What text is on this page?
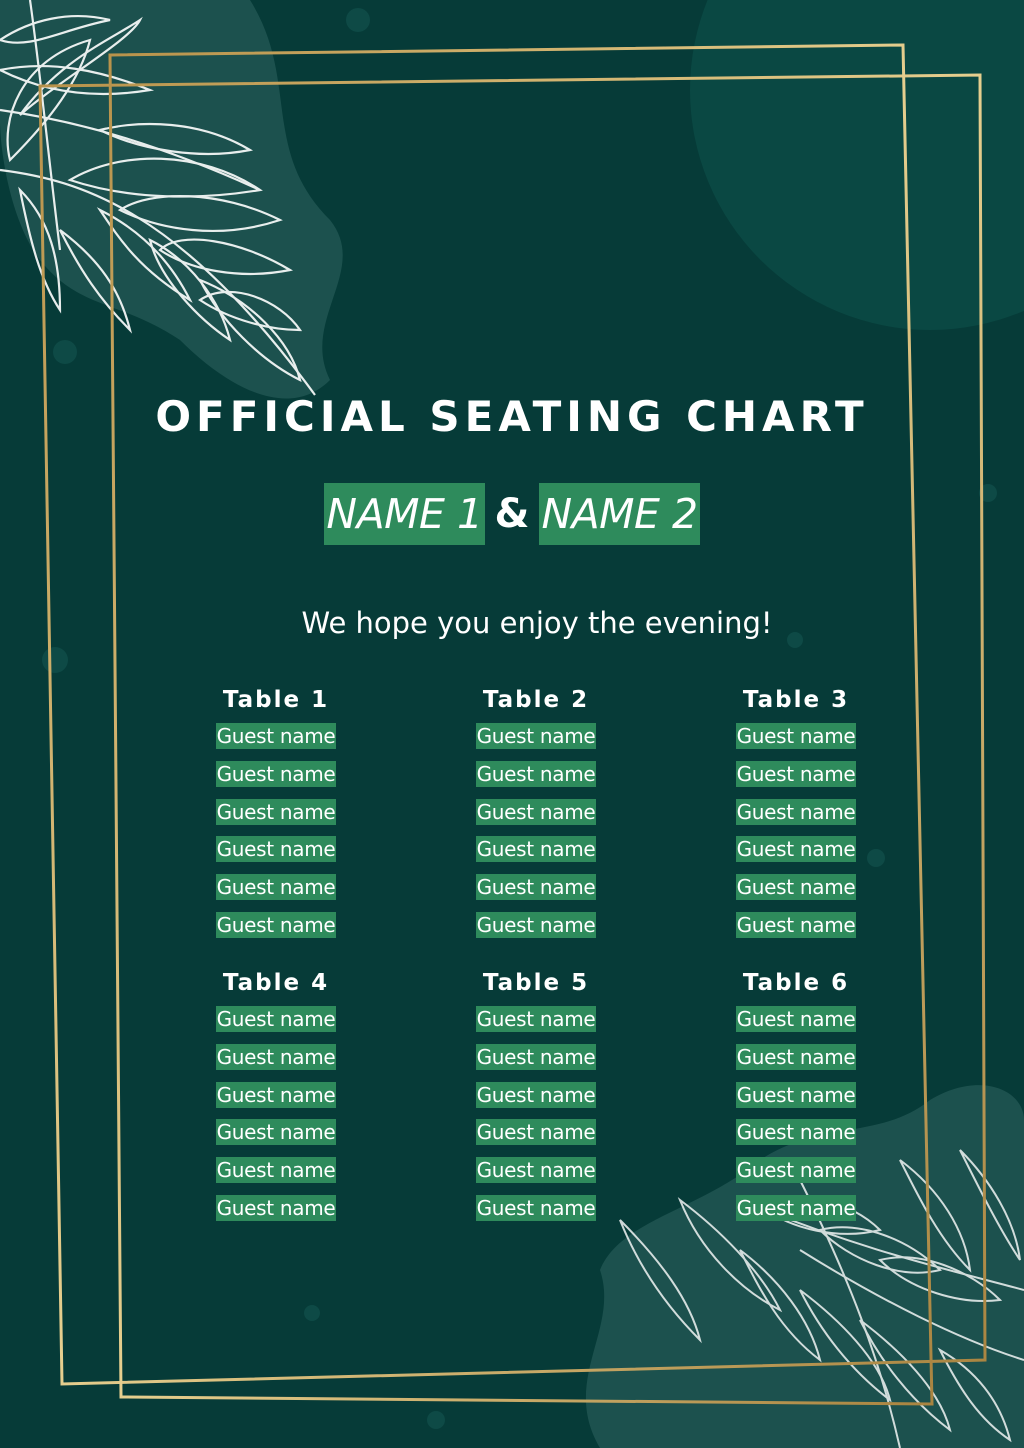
OFFICIAL SEATING CHART
NAME 1 & NAME 2
We hope you enjoy the evening!
Table 1
Guest name
Guest name
Guest name
Guest name
Guest name
Guest name
Table 2
Guest name
Guest name
Guest name
Guest name
Guest name
Guest name
Table 3
Guest name
Guest name
Guest name
Guest name
Guest name
Guest name
Table 4
Guest name
Guest name
Guest name
Guest name
Guest name
Guest name
Table 5
Guest name
Guest name
Guest name
Guest name
Guest name
Guest name
Table 6
Guest name
Guest name
Guest name
Guest name
Guest name
Guest name
